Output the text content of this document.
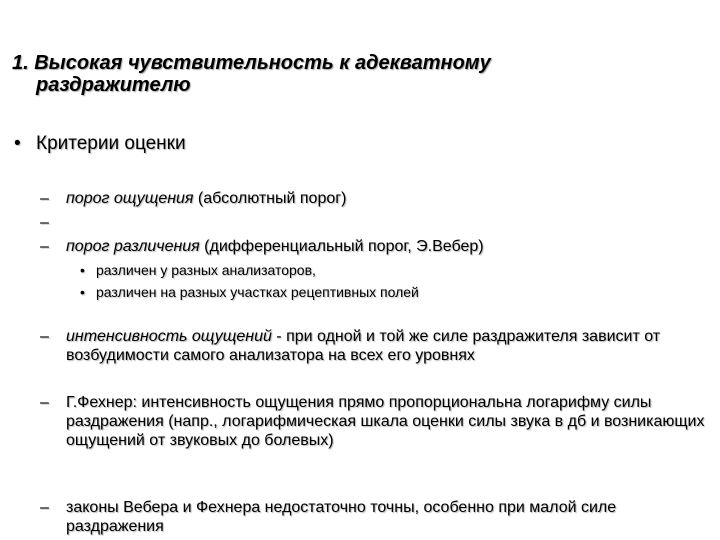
1. Высокая чувствительность к адекватному
раздражителю
• Критерии оценки
– порог ощущения (абсолютный порог)
–
– порог различения (дифференциальный порог, Э.Вебер)
• различен у разных анализаторов,
• различен на разных участках рецептивных полей
– интенсивность ощущений - при одной и той же силе раздражителя зависит от возбудимости самого анализатора на всех его уровнях
– Г.Фехнер: интенсивность ощущения прямо пропорциональна логарифму силы раздражения (напр., логарифмическая шкала оценки силы звука в дб и возникающих ощущений от звуковых до болевых)
– законы Вебера и Фехнера недостаточно точны, особенно при малой силе раздражения
